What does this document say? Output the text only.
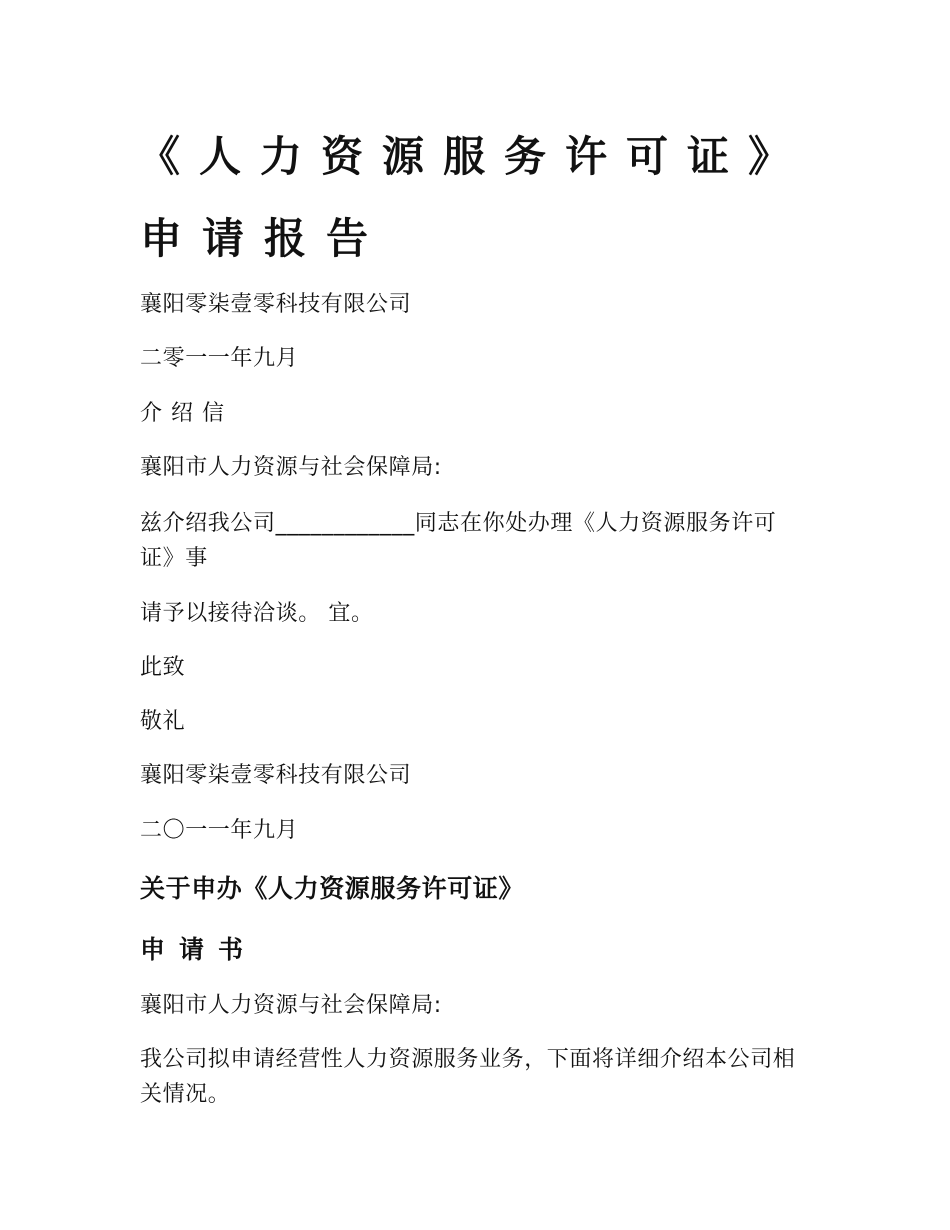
《人力资源服务许可证》
申请报告

襄阳零柒壹零科技有限公司

二零一一年九月

介绍信

襄阳市人力资源与社会保障局:

兹介绍我公司____________同志在你处办理《人力资源服务许可证》事

请予以接待洽谈。 宜。

此致

敬礼

襄阳零柒壹零科技有限公司

二〇一一年九月

关于申办《人力资源服务许可证》
申请书

襄阳市人力资源与社会保障局:

我公司拟申请经营性人力资源服务业务，下面将详细介绍本公司相关情况。
